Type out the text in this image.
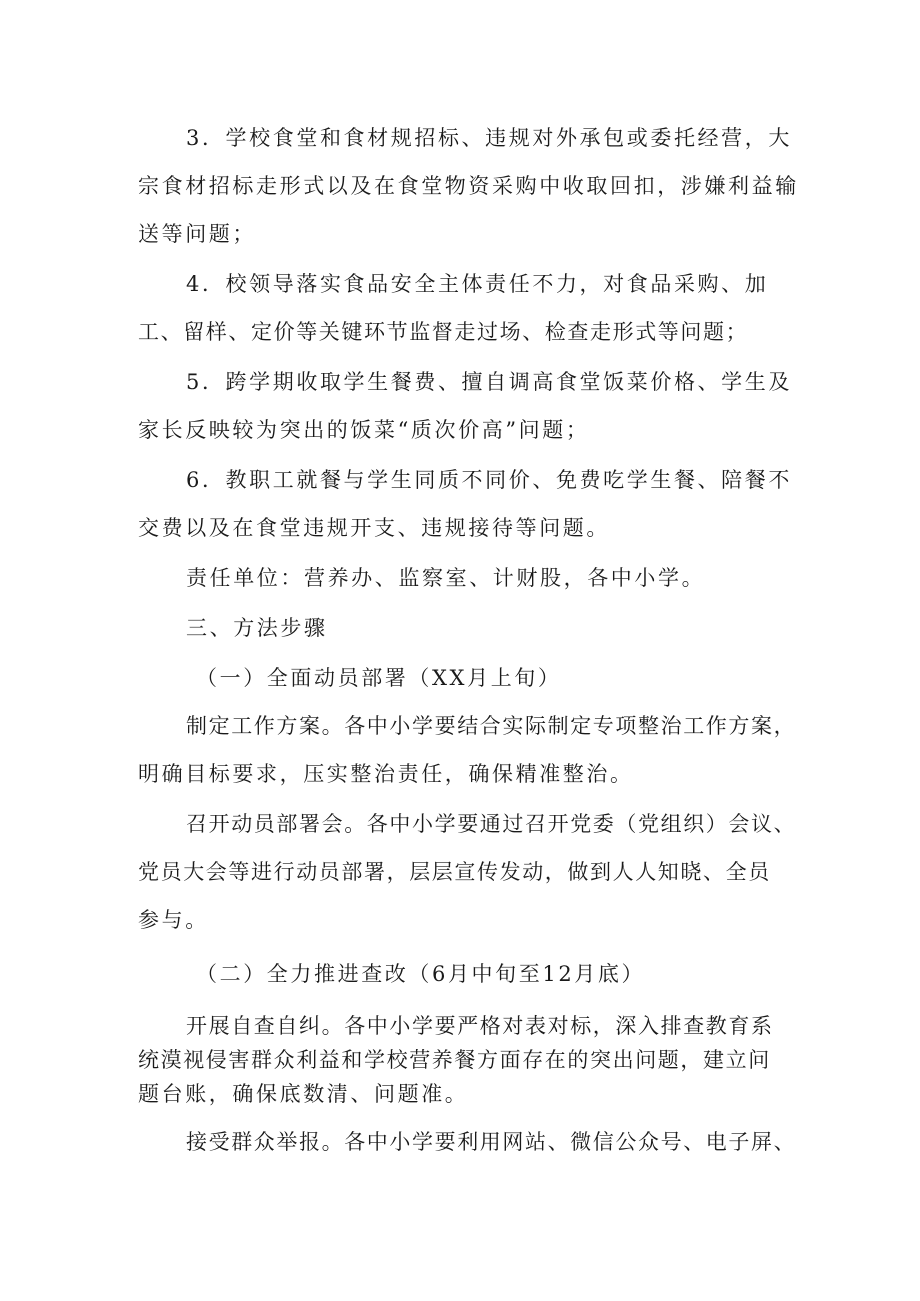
3．学校食堂和食材规招标、违规对外承包或委托经营，大
宗食材招标走形式以及在食堂物资采购中收取回扣，涉嫌利益输
送等问题；
4．校领导落实食品安全主体责任不力，对食品采购、加
工、留样、定价等关键环节监督走过场、检查走形式等问题；
5．跨学期收取学生餐费、擅自调高食堂饭菜价格、学生及
家长反映较为突出的饭菜“质次价高”问题；
6．教职工就餐与学生同质不同价、免费吃学生餐、陪餐不
交费以及在食堂违规开支、违规接待等问题。
责任单位：营养办、监察室、计财股，各中小学。
三、方法步骤
（一）全面动员部署（XX月上旬）
制定工作方案。各中小学要结合实际制定专项整治工作方案，
明确目标要求，压实整治责任，确保精准整治。
召开动员部署会。各中小学要通过召开党委（党组织）会议、
党员大会等进行动员部署，层层宣传发动，做到人人知晓、全员
参与。
（二）全力推进查改（6月中旬至12月底）
开展自查自纠。各中小学要严格对表对标，深入排查教育系
统漠视侵害群众利益和学校营养餐方面存在的突出问题，建立问
题台账，确保底数清、问题准。
接受群众举报。各中小学要利用网站、微信公众号、电子屏、
